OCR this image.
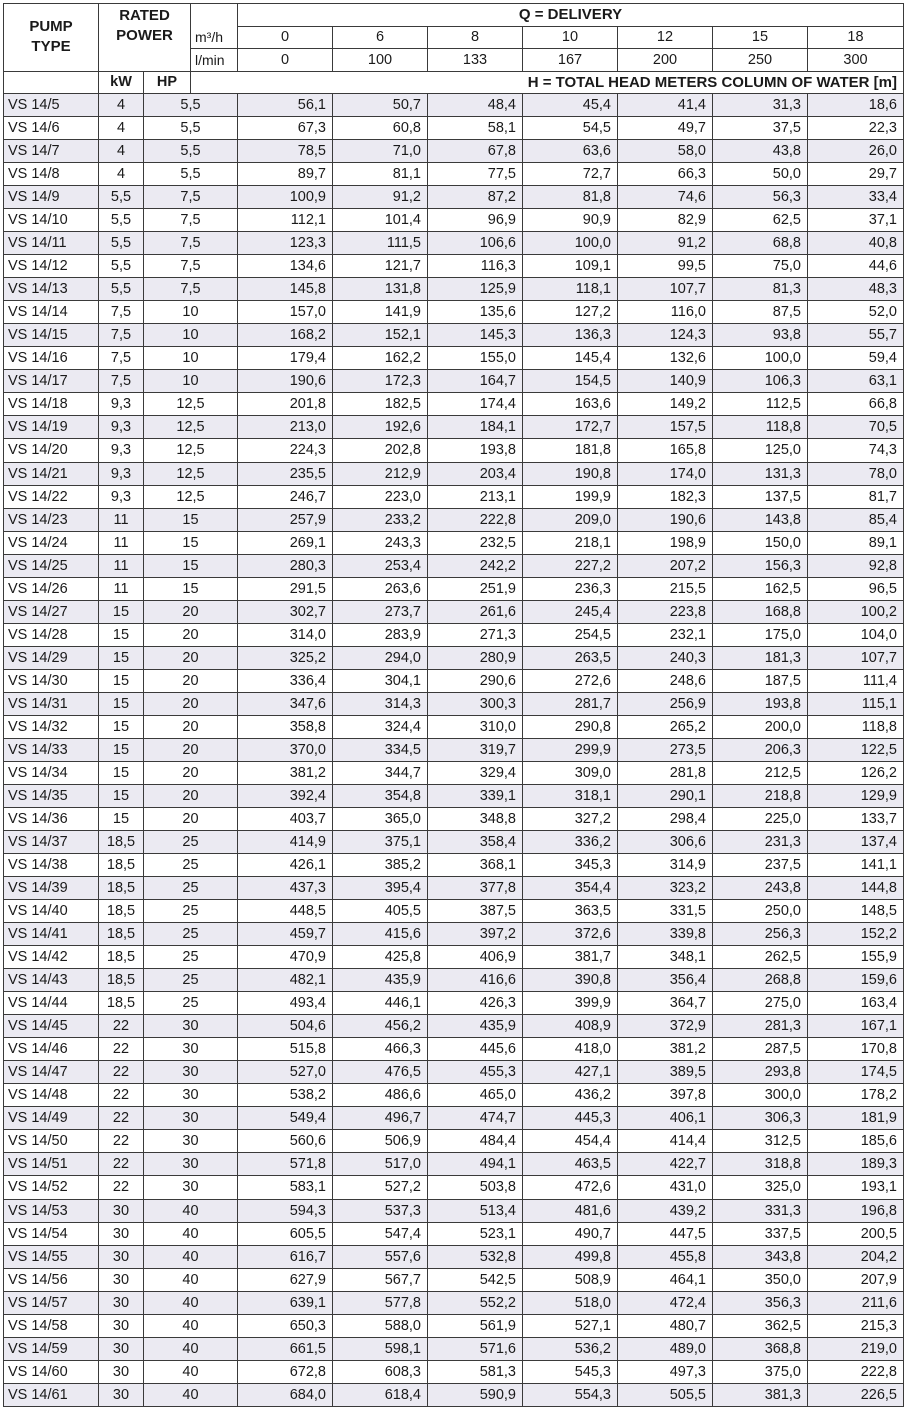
PUMP TYPE	RATED POWER			Q = DELIVERY						
			m³/h	0	6	8	10	12	15	18
			l/min	0	100	133	167	200	250	300
	kW	HP	H = TOTAL HEAD METERS COLUMN OF WATER [m]							
VS 14/5	4	5,5		56,1	50,7	48,4	45,4	41,4	31,3	18,6
VS 14/6	4	5,5		67,3	60,8	58,1	54,5	49,7	37,5	22,3
VS 14/7	4	5,5		78,5	71,0	67,8	63,6	58,0	43,8	26,0
VS 14/8	4	5,5		89,7	81,1	77,5	72,7	66,3	50,0	29,7
VS 14/9	5,5	7,5		100,9	91,2	87,2	81,8	74,6	56,3	33,4
VS 14/10	5,5	7,5		112,1	101,4	96,9	90,9	82,9	62,5	37,1
VS 14/11	5,5	7,5		123,3	111,5	106,6	100,0	91,2	68,8	40,8
VS 14/12	5,5	7,5		134,6	121,7	116,3	109,1	99,5	75,0	44,6
VS 14/13	5,5	7,5		145,8	131,8	125,9	118,1	107,7	81,3	48,3
VS 14/14	7,5	10		157,0	141,9	135,6	127,2	116,0	87,5	52,0
VS 14/15	7,5	10		168,2	152,1	145,3	136,3	124,3	93,8	55,7
VS 14/16	7,5	10		179,4	162,2	155,0	145,4	132,6	100,0	59,4
VS 14/17	7,5	10		190,6	172,3	164,7	154,5	140,9	106,3	63,1
VS 14/18	9,3	12,5		201,8	182,5	174,4	163,6	149,2	112,5	66,8
VS 14/19	9,3	12,5		213,0	192,6	184,1	172,7	157,5	118,8	70,5
VS 14/20	9,3	12,5		224,3	202,8	193,8	181,8	165,8	125,0	74,3
VS 14/21	9,3	12,5		235,5	212,9	203,4	190,8	174,0	131,3	78,0
VS 14/22	9,3	12,5		246,7	223,0	213,1	199,9	182,3	137,5	81,7
VS 14/23	11	15		257,9	233,2	222,8	209,0	190,6	143,8	85,4
VS 14/24	11	15		269,1	243,3	232,5	218,1	198,9	150,0	89,1
VS 14/25	11	15		280,3	253,4	242,2	227,2	207,2	156,3	92,8
VS 14/26	11	15		291,5	263,6	251,9	236,3	215,5	162,5	96,5
VS 14/27	15	20		302,7	273,7	261,6	245,4	223,8	168,8	100,2
VS 14/28	15	20		314,0	283,9	271,3	254,5	232,1	175,0	104,0
VS 14/29	15	20		325,2	294,0	280,9	263,5	240,3	181,3	107,7
VS 14/30	15	20		336,4	304,1	290,6	272,6	248,6	187,5	111,4
VS 14/31	15	20		347,6	314,3	300,3	281,7	256,9	193,8	115,1
VS 14/32	15	20		358,8	324,4	310,0	290,8	265,2	200,0	118,8
VS 14/33	15	20		370,0	334,5	319,7	299,9	273,5	206,3	122,5
VS 14/34	15	20		381,2	344,7	329,4	309,0	281,8	212,5	126,2
VS 14/35	15	20		392,4	354,8	339,1	318,1	290,1	218,8	129,9
VS 14/36	15	20		403,7	365,0	348,8	327,2	298,4	225,0	133,7
VS 14/37	18,5	25		414,9	375,1	358,4	336,2	306,6	231,3	137,4
VS 14/38	18,5	25		426,1	385,2	368,1	345,3	314,9	237,5	141,1
VS 14/39	18,5	25		437,3	395,4	377,8	354,4	323,2	243,8	144,8
VS 14/40	18,5	25		448,5	405,5	387,5	363,5	331,5	250,0	148,5
VS 14/41	18,5	25		459,7	415,6	397,2	372,6	339,8	256,3	152,2
VS 14/42	18,5	25		470,9	425,8	406,9	381,7	348,1	262,5	155,9
VS 14/43	18,5	25		482,1	435,9	416,6	390,8	356,4	268,8	159,6
VS 14/44	18,5	25		493,4	446,1	426,3	399,9	364,7	275,0	163,4
VS 14/45	22	30		504,6	456,2	435,9	408,9	372,9	281,3	167,1
VS 14/46	22	30		515,8	466,3	445,6	418,0	381,2	287,5	170,8
VS 14/47	22	30		527,0	476,5	455,3	427,1	389,5	293,8	174,5
VS 14/48	22	30		538,2	486,6	465,0	436,2	397,8	300,0	178,2
VS 14/49	22	30		549,4	496,7	474,7	445,3	406,1	306,3	181,9
VS 14/50	22	30		560,6	506,9	484,4	454,4	414,4	312,5	185,6
VS 14/51	22	30		571,8	517,0	494,1	463,5	422,7	318,8	189,3
VS 14/52	22	30		583,1	527,2	503,8	472,6	431,0	325,0	193,1
VS 14/53	30	40		594,3	537,3	513,4	481,6	439,2	331,3	196,8
VS 14/54	30	40		605,5	547,4	523,1	490,7	447,5	337,5	200,5
VS 14/55	30	40		616,7	557,6	532,8	499,8	455,8	343,8	204,2
VS 14/56	30	40		627,9	567,7	542,5	508,9	464,1	350,0	207,9
VS 14/57	30	40		639,1	577,8	552,2	518,0	472,4	356,3	211,6
VS 14/58	30	40		650,3	588,0	561,9	527,1	480,7	362,5	215,3
VS 14/59	30	40		661,5	598,1	571,6	536,2	489,0	368,8	219,0
VS 14/60	30	40		672,8	608,3	581,3	545,3	497,3	375,0	222,8
VS 14/61	30	40		684,0	618,4	590,9	554,3	505,5	381,3	226,5
